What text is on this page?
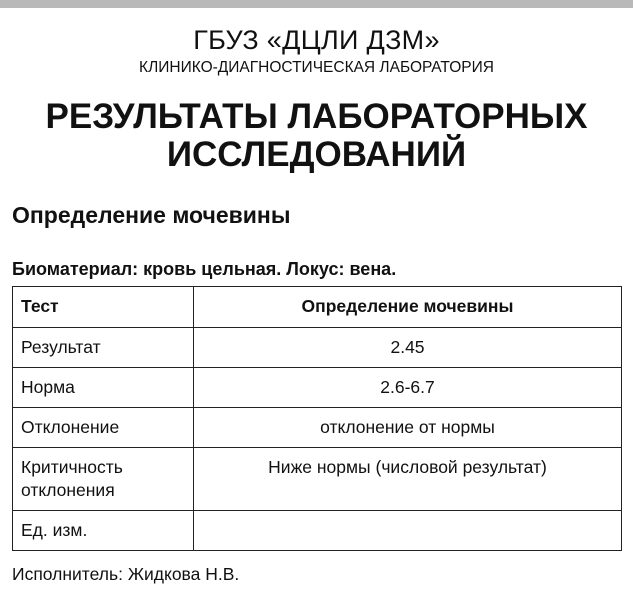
ГБУЗ «ДЦЛИ ДЗМ»
КЛИНИКО-ДИАГНОСТИЧЕСКАЯ ЛАБОРАТОРИЯ
РЕЗУЛЬТАТЫ ЛАБОРАТОРНЫХ
ИССЛЕДОВАНИЙ
Определение мочевины
Биоматериал: кровь цельная. Локус: вена.
Тест	Определение мочевины
Результат	2.45
Норма	2.6-6.7
Отклонение	отклонение от нормы
Критичность отклонения	Ниже нормы (числовой результат)
Ед. изм.	
Исполнитель: Жидкова Н.В.
